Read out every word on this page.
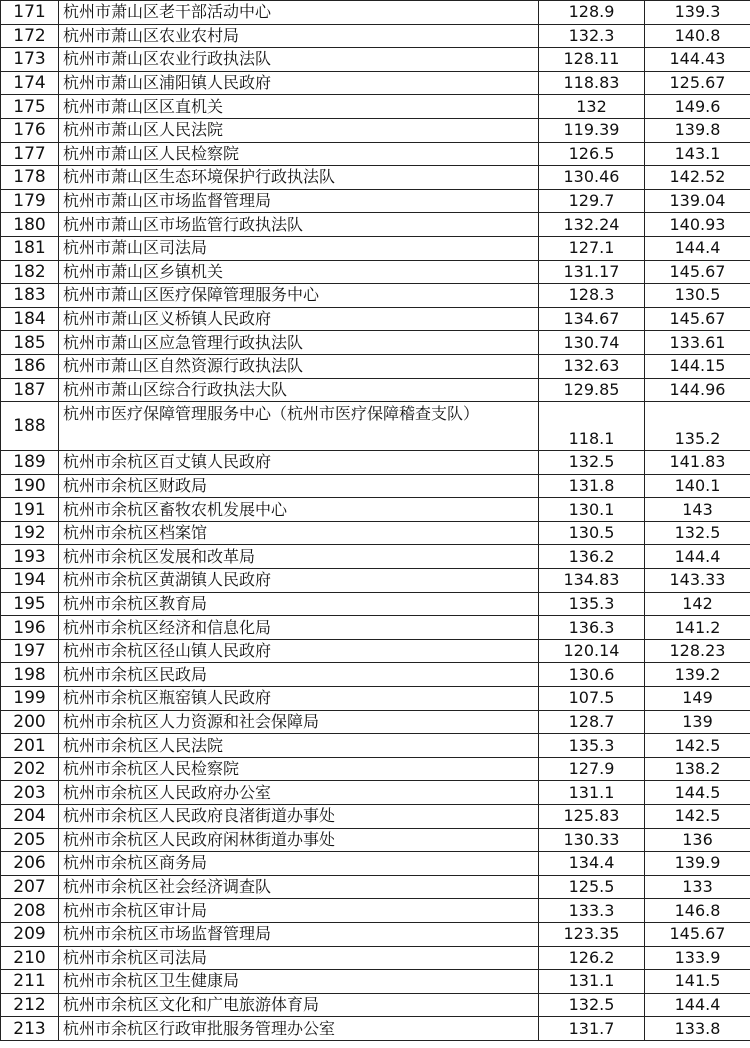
171	杭州市萧山区老干部活动中心	128.9	139.3
172	杭州市萧山区农业农村局	132.3	140.8
173	杭州市萧山区农业行政执法队	128.11	144.43
174	杭州市萧山区浦阳镇人民政府	118.83	125.67
175	杭州市萧山区区直机关	132	149.6
176	杭州市萧山区人民法院	119.39	139.8
177	杭州市萧山区人民检察院	126.5	143.1
178	杭州市萧山区生态环境保护行政执法队	130.46	142.52
179	杭州市萧山区市场监督管理局	129.7	139.04
180	杭州市萧山区市场监管行政执法队	132.24	140.93
181	杭州市萧山区司法局	127.1	144.4
182	杭州市萧山区乡镇机关	131.17	145.67
183	杭州市萧山区医疗保障管理服务中心	128.3	130.5
184	杭州市萧山区义桥镇人民政府	134.67	145.67
185	杭州市萧山区应急管理行政执法队	130.74	133.61
186	杭州市萧山区自然资源行政执法队	132.63	144.15
187	杭州市萧山区综合行政执法大队	129.85	144.96
188	杭州市医疗保障管理服务中心（杭州市医疗保障稽查支队）	118.1	135.2
189	杭州市余杭区百丈镇人民政府	132.5	141.83
190	杭州市余杭区财政局	131.8	140.1
191	杭州市余杭区畜牧农机发展中心	130.1	143
192	杭州市余杭区档案馆	130.5	132.5
193	杭州市余杭区发展和改革局	136.2	144.4
194	杭州市余杭区黄湖镇人民政府	134.83	143.33
195	杭州市余杭区教育局	135.3	142
196	杭州市余杭区经济和信息化局	136.3	141.2
197	杭州市余杭区径山镇人民政府	120.14	128.23
198	杭州市余杭区民政局	130.6	139.2
199	杭州市余杭区瓶窑镇人民政府	107.5	149
200	杭州市余杭区人力资源和社会保障局	128.7	139
201	杭州市余杭区人民法院	135.3	142.5
202	杭州市余杭区人民检察院	127.9	138.2
203	杭州市余杭区人民政府办公室	131.1	144.5
204	杭州市余杭区人民政府良渚街道办事处	125.83	142.5
205	杭州市余杭区人民政府闲林街道办事处	130.33	136
206	杭州市余杭区商务局	134.4	139.9
207	杭州市余杭区社会经济调查队	125.5	133
208	杭州市余杭区审计局	133.3	146.8
209	杭州市余杭区市场监督管理局	123.35	145.67
210	杭州市余杭区司法局	126.2	133.9
211	杭州市余杭区卫生健康局	131.1	141.5
212	杭州市余杭区文化和广电旅游体育局	132.5	144.4
213	杭州市余杭区行政审批服务管理办公室	131.7	133.8
